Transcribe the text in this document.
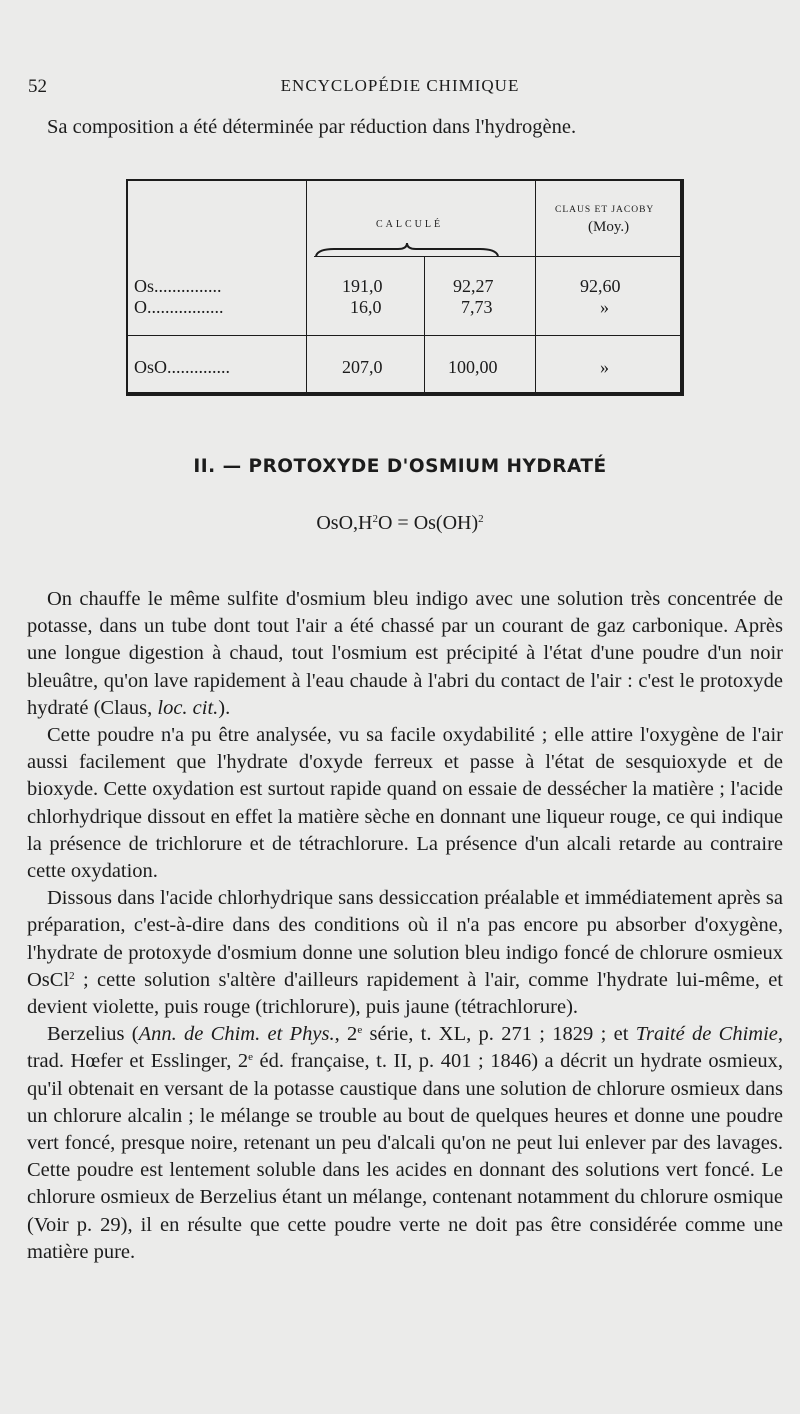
52	ENCYCLOPÉDIE CHIMIQUE
Sa composition a été déterminée par réduction dans l'hydrogène.
CALCULÉ
CLAUS ET JACOBY
(Moy.)
Os...............	191,0	92,27	92,60
O.................	16,0	7,73	»
OsO..............	207,0	100,00	»
II. — PROTOXYDE D'OSMIUM HYDRATÉ
$OsO,H^2O = Os(OH)^2$

On chauffe le même sulfite d'osmium bleu indigo avec une solution très concentrée de potasse, dans un tube dont tout l'air a été chassé par un courant de gaz carbonique. Après une longue digestion à chaud, tout l'osmium est précipité à l'état d'une poudre d'un noir bleuâtre, qu'on lave rapidement à l'eau chaude à l'abri du contact de l'air : c'est le protoxyde hydraté (Claus, loc. cit.).

Cette poudre n'a pu être analysée, vu sa facile oxydabilité ; elle attire l'oxygène de l'air aussi facilement que l'hydrate d'oxyde ferreux et passe à l'état de sesquioxyde et de bioxyde. Cette oxydation est surtout rapide quand on essaie de dessécher la matière ; l'acide chlorhydrique dissout en effet la matière sèche en donnant une liqueur rouge, ce qui indique la présence de trichlorure et de tétrachlorure. La présence d'un alcali retarde au contraire cette oxydation.

Dissous dans l'acide chlorhydrique sans dessiccation préalable et immédiatement après sa préparation, c'est-à-dire dans des conditions où il n'a pas encore pu absorber d'oxygène, l'hydrate de protoxyde d'osmium donne une solution bleu indigo foncé de chlorure osmieux OsCl$^2$ ; cette solution s'altère d'ailleurs rapidement à l'air, comme l'hydrate lui-même, et devient violette, puis rouge (trichlorure), puis jaune (tétrachlorure).

Berzelius (Ann. de Chim. et Phys., 2e série, t. XL, p. 271 ; 1829 ; et Traité de Chimie, trad. Hœfer et Esslinger, 2e éd. française, t. II, p. 401 ; 1846) a décrit un hydrate osmieux, qu'il obtenait en versant de la potasse caustique dans une solution de chlorure osmieux dans un chlorure alcalin ; le mélange se trouble au bout de quelques heures et donne une poudre vert foncé, presque noire, retenant un peu d'alcali qu'on ne peut lui enlever par des lavages. Cette poudre est lentement soluble dans les acides en donnant des solutions vert foncé. Le chlorure osmieux de Berzelius étant un mélange, contenant notamment du chlorure osmique (Voir p. 29), il en résulte que cette poudre verte ne doit pas être considérée comme une matière pure.
